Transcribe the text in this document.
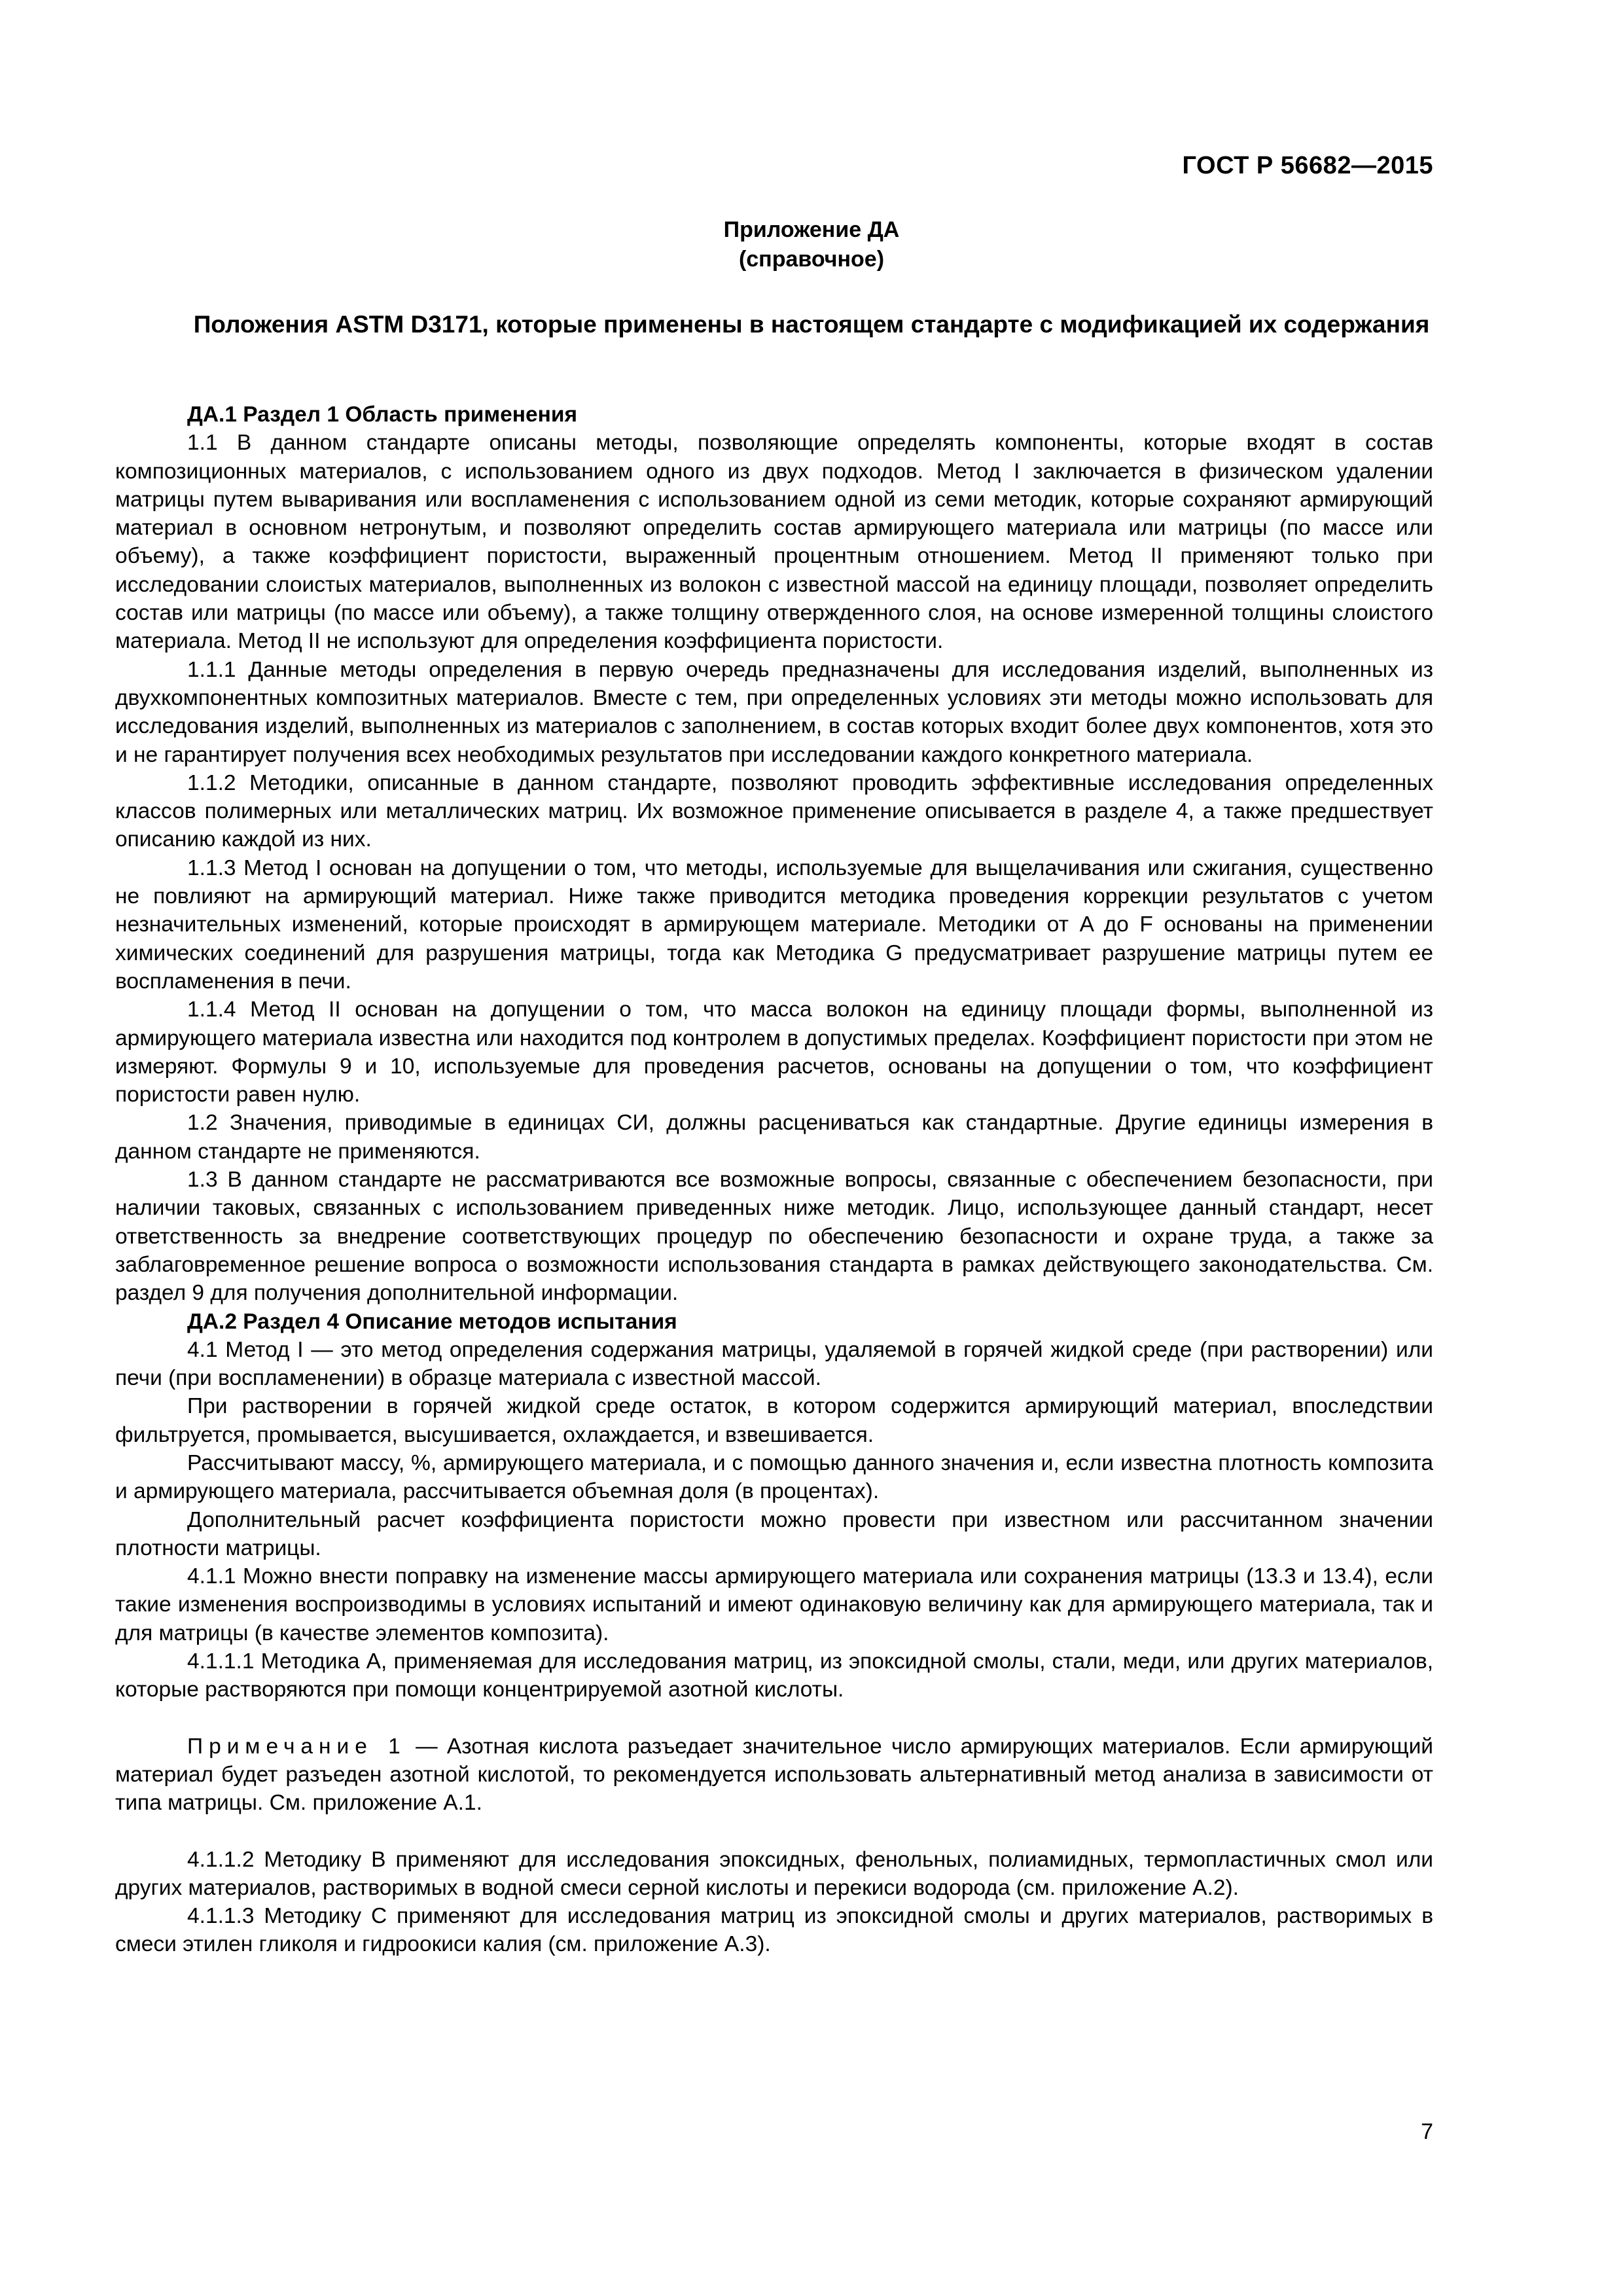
ГОСТ Р 56682—2015
Приложение ДА
(справочное)
Положения ASTM D3171, которые применены в настоящем стандарте с модификацией их содержания

ДА.1 Раздел 1 Область применения

1.1 В данном стандарте описаны методы, позволяющие определять компоненты, которые входят в состав композиционных материалов, с использованием одного из двух подходов. Метод I заключается в физическом удалении матрицы путем вываривания или воспламенения с использованием одной из семи методик, которые сохраняют армирующий материал в основном нетронутым, и позволяют определить состав армирующего материала или матрицы (по массе или объему), а также коэффициент пористости, выраженный процентным отношением. Метод II применяют только при исследовании слоистых материалов, выполненных из волокон с известной массой на единицу площади, позволяет определить состав или матрицы (по массе или объему), а также толщину отвержденного слоя, на основе измеренной толщины слоистого материала. Метод II не используют для определения коэффициента пористости.

1.1.1 Данные методы определения в первую очередь предназначены для исследования изделий, выполненных из двухкомпонентных композитных материалов. Вместе с тем, при определенных условиях эти методы можно использовать для исследования изделий, выполненных из материалов с заполнением, в состав которых входит более двух компонентов, хотя это и не гарантирует получения всех необходимых результатов при исследовании каждого конкретного материала.

1.1.2 Методики, описанные в данном стандарте, позволяют проводить эффективные исследования определенных классов полимерных или металлических матриц. Их возможное применение описывается в разделе 4, а также предшествует описанию каждой из них.

1.1.3 Метод I основан на допущении о том, что методы, используемые для выщелачивания или сжигания, существенно не повлияют на армирующий материал. Ниже также приводится методика проведения коррекции результатов с учетом незначительных изменений, которые происходят в армирующем материале. Методики от A до F основаны на применении химических соединений для разрушения матрицы, тогда как Методика G предусматривает разрушение матрицы путем ее воспламенения в печи.

1.1.4 Метод II основан на допущении о том, что масса волокон на единицу площади формы, выполненной из армирующего материала известна или находится под контролем в допустимых пределах. Коэффициент пористости при этом не измеряют. Формулы 9 и 10, используемые для проведения расчетов, основаны на допущении о том, что коэффициент пористости равен нулю.

1.2 Значения, приводимые в единицах СИ, должны расцениваться как стандартные. Другие единицы измерения в данном стандарте не применяются.

1.3 В данном стандарте не рассматриваются все возможные вопросы, связанные с обеспечением безопасности, при наличии таковых, связанных с использованием приведенных ниже методик. Лицо, использующее данный стандарт, несет ответственность за внедрение соответствующих процедур по обеспечению безопасности и охране труда, а также за заблаговременное решение вопроса о возможности использования стандарта в рамках действующего законодательства. См. раздел 9 для получения дополнительной информации.

ДА.2 Раздел 4 Описание методов испытания

4.1 Метод I — это метод определения содержания матрицы, удаляемой в горячей жидкой среде (при растворении) или печи (при воспламенении) в образце материала с известной массой.

При растворении в горячей жидкой среде остаток, в котором содержится армирующий материал, впоследствии фильтруется, промывается, высушивается, охлаждается, и взвешивается.

Рассчитывают массу, %, армирующего материала, и с помощью данного значения и, если известна плотность композита и армирующего материала, рассчитывается объемная доля (в процентах).

Дополнительный расчет коэффициента пористости можно провести при известном или рассчитанном значении плотности матрицы.

4.1.1 Можно внести поправку на изменение массы армирующего материала или сохранения матрицы (13.3 и 13.4), если такие изменения воспроизводимы в условиях испытаний и имеют одинаковую величину как для армирующего материала, так и для матрицы (в качестве элементов композита).

4.1.1.1 Методика А, применяемая для исследования матриц, из эпоксидной смолы, стали, меди, или других материалов, которые растворяются при помощи концентрируемой азотной кислоты.

Примечание 1 — Азотная кислота разъедает значительное число армирующих материалов. Если армирующий материал будет разъеден азотной кислотой, то рекомендуется использовать альтернативный метод анализа в зависимости от типа матрицы. См. приложение А.1.

4.1.1.2 Методику В применяют для исследования эпоксидных, фенольных, полиамидных, термопластичных смол или других материалов, растворимых в водной смеси серной кислоты и перекиси водорода (см. приложение А.2).

4.1.1.3 Методику С применяют для исследования матриц из эпоксидной смолы и других материалов, растворимых в смеси этилен гликоля и гидроокиси калия (см. приложение А.3).

7
